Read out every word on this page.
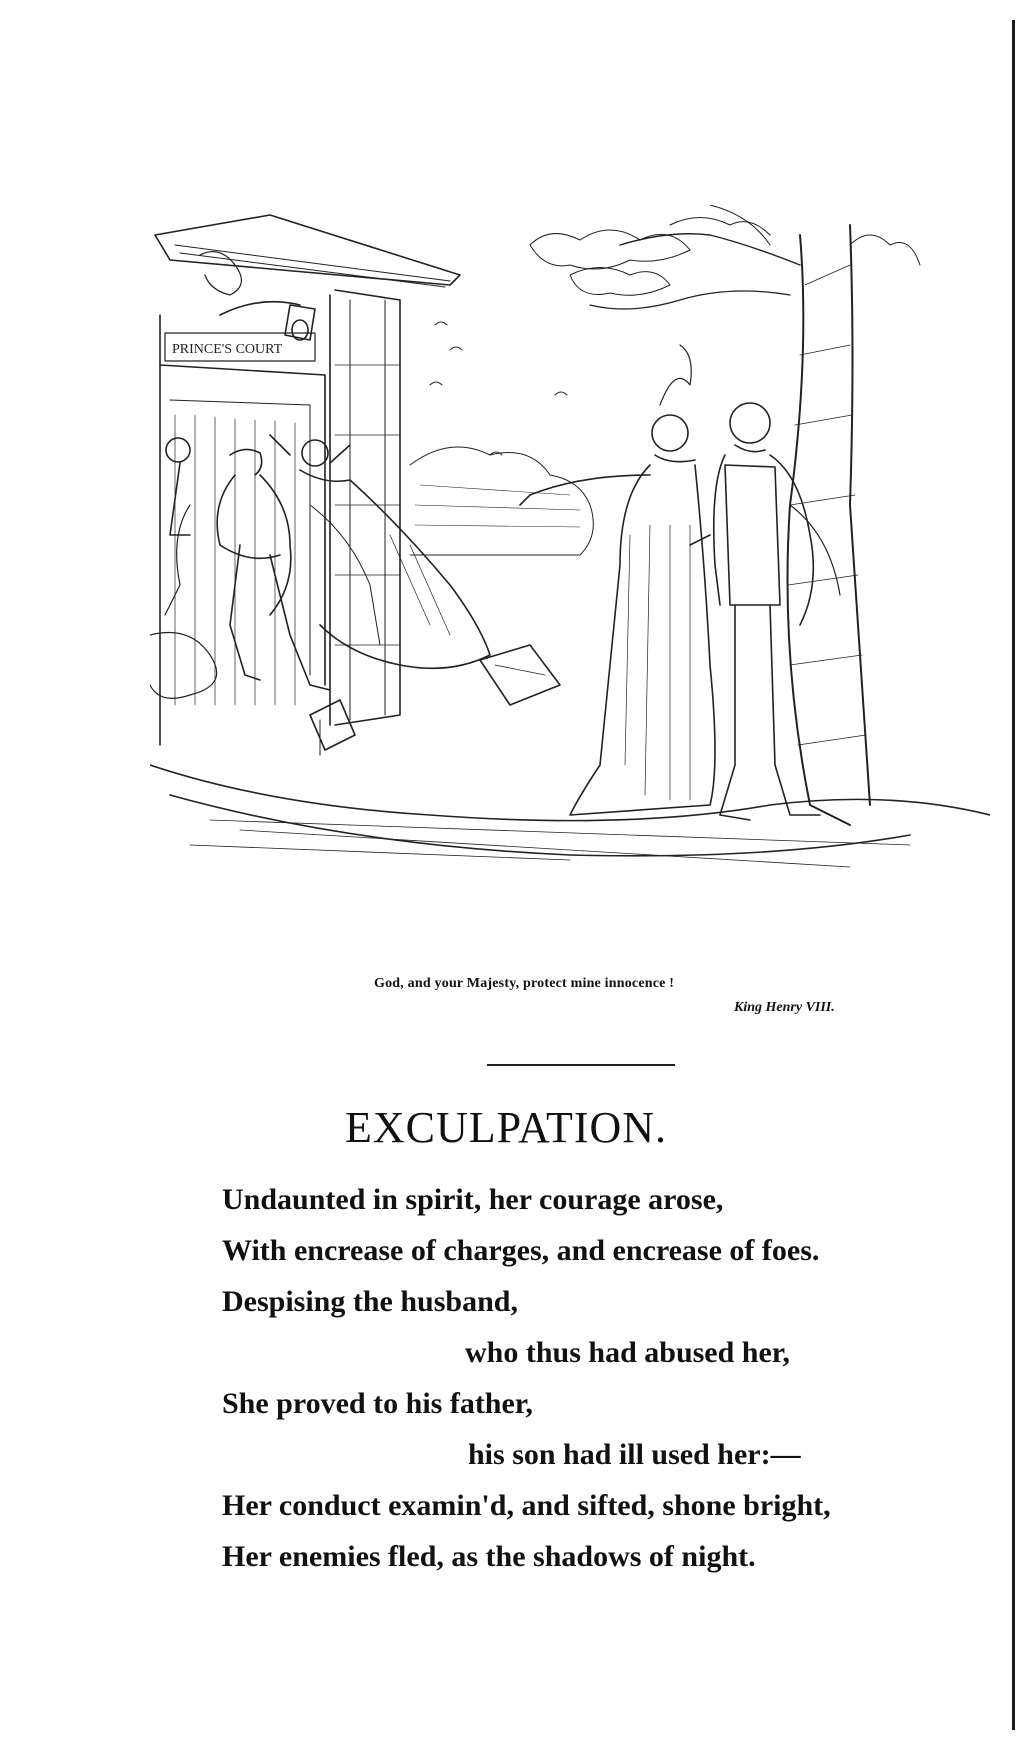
PRINCE'S COURT
God, and your Majesty, protect mine innocence !
King Henry VIII.
EXCULPATION.
Undaunted in spirit, her courage arose,
With encrease of charges, and encrease of foes.
Despising the husband,
who thus had abused her,
She proved to his father,
his son had ill used her:—
Her conduct examin'd, and sifted, shone bright,
Her enemies fled, as the shadows of night.
